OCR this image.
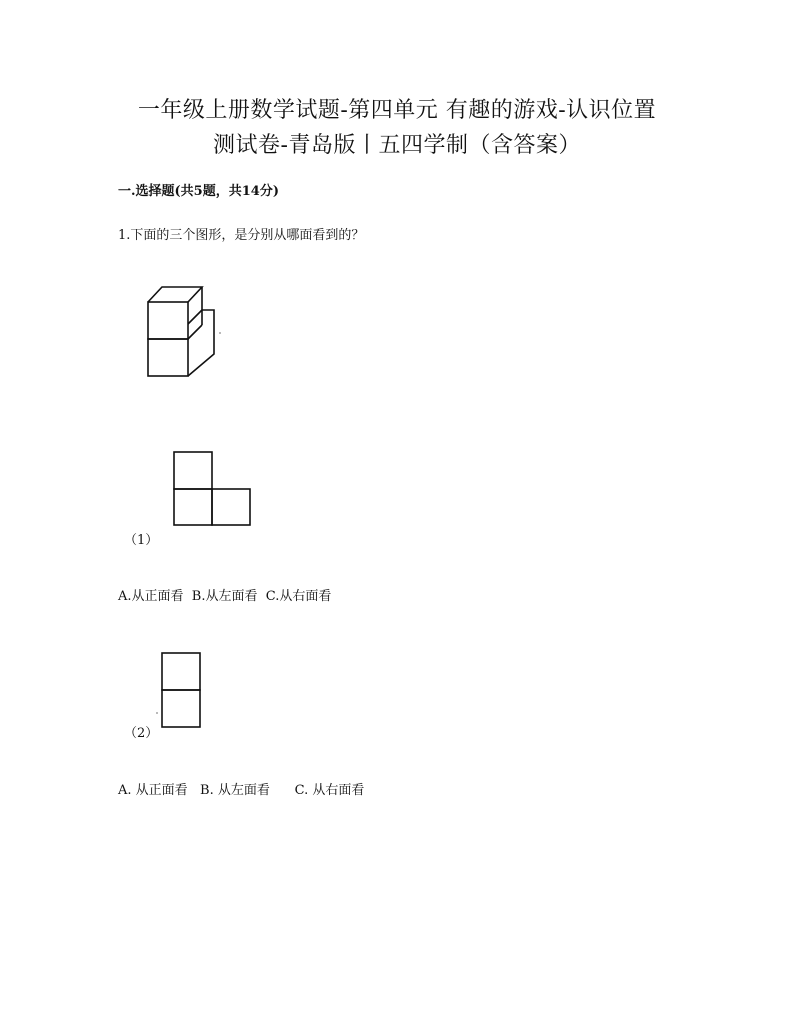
一年级上册数学试题-第四单元 有趣的游戏-认识位置
测试卷-青岛版丨五四学制（含答案）
一.选择题(共5题，共14分)
1.下面的三个图形，是分别从哪面看到的？
（1）
A.从正面看  B.从左面看  C.从右面看
（2）
A. 从正面看   B. 从左面看      C. 从右面看
